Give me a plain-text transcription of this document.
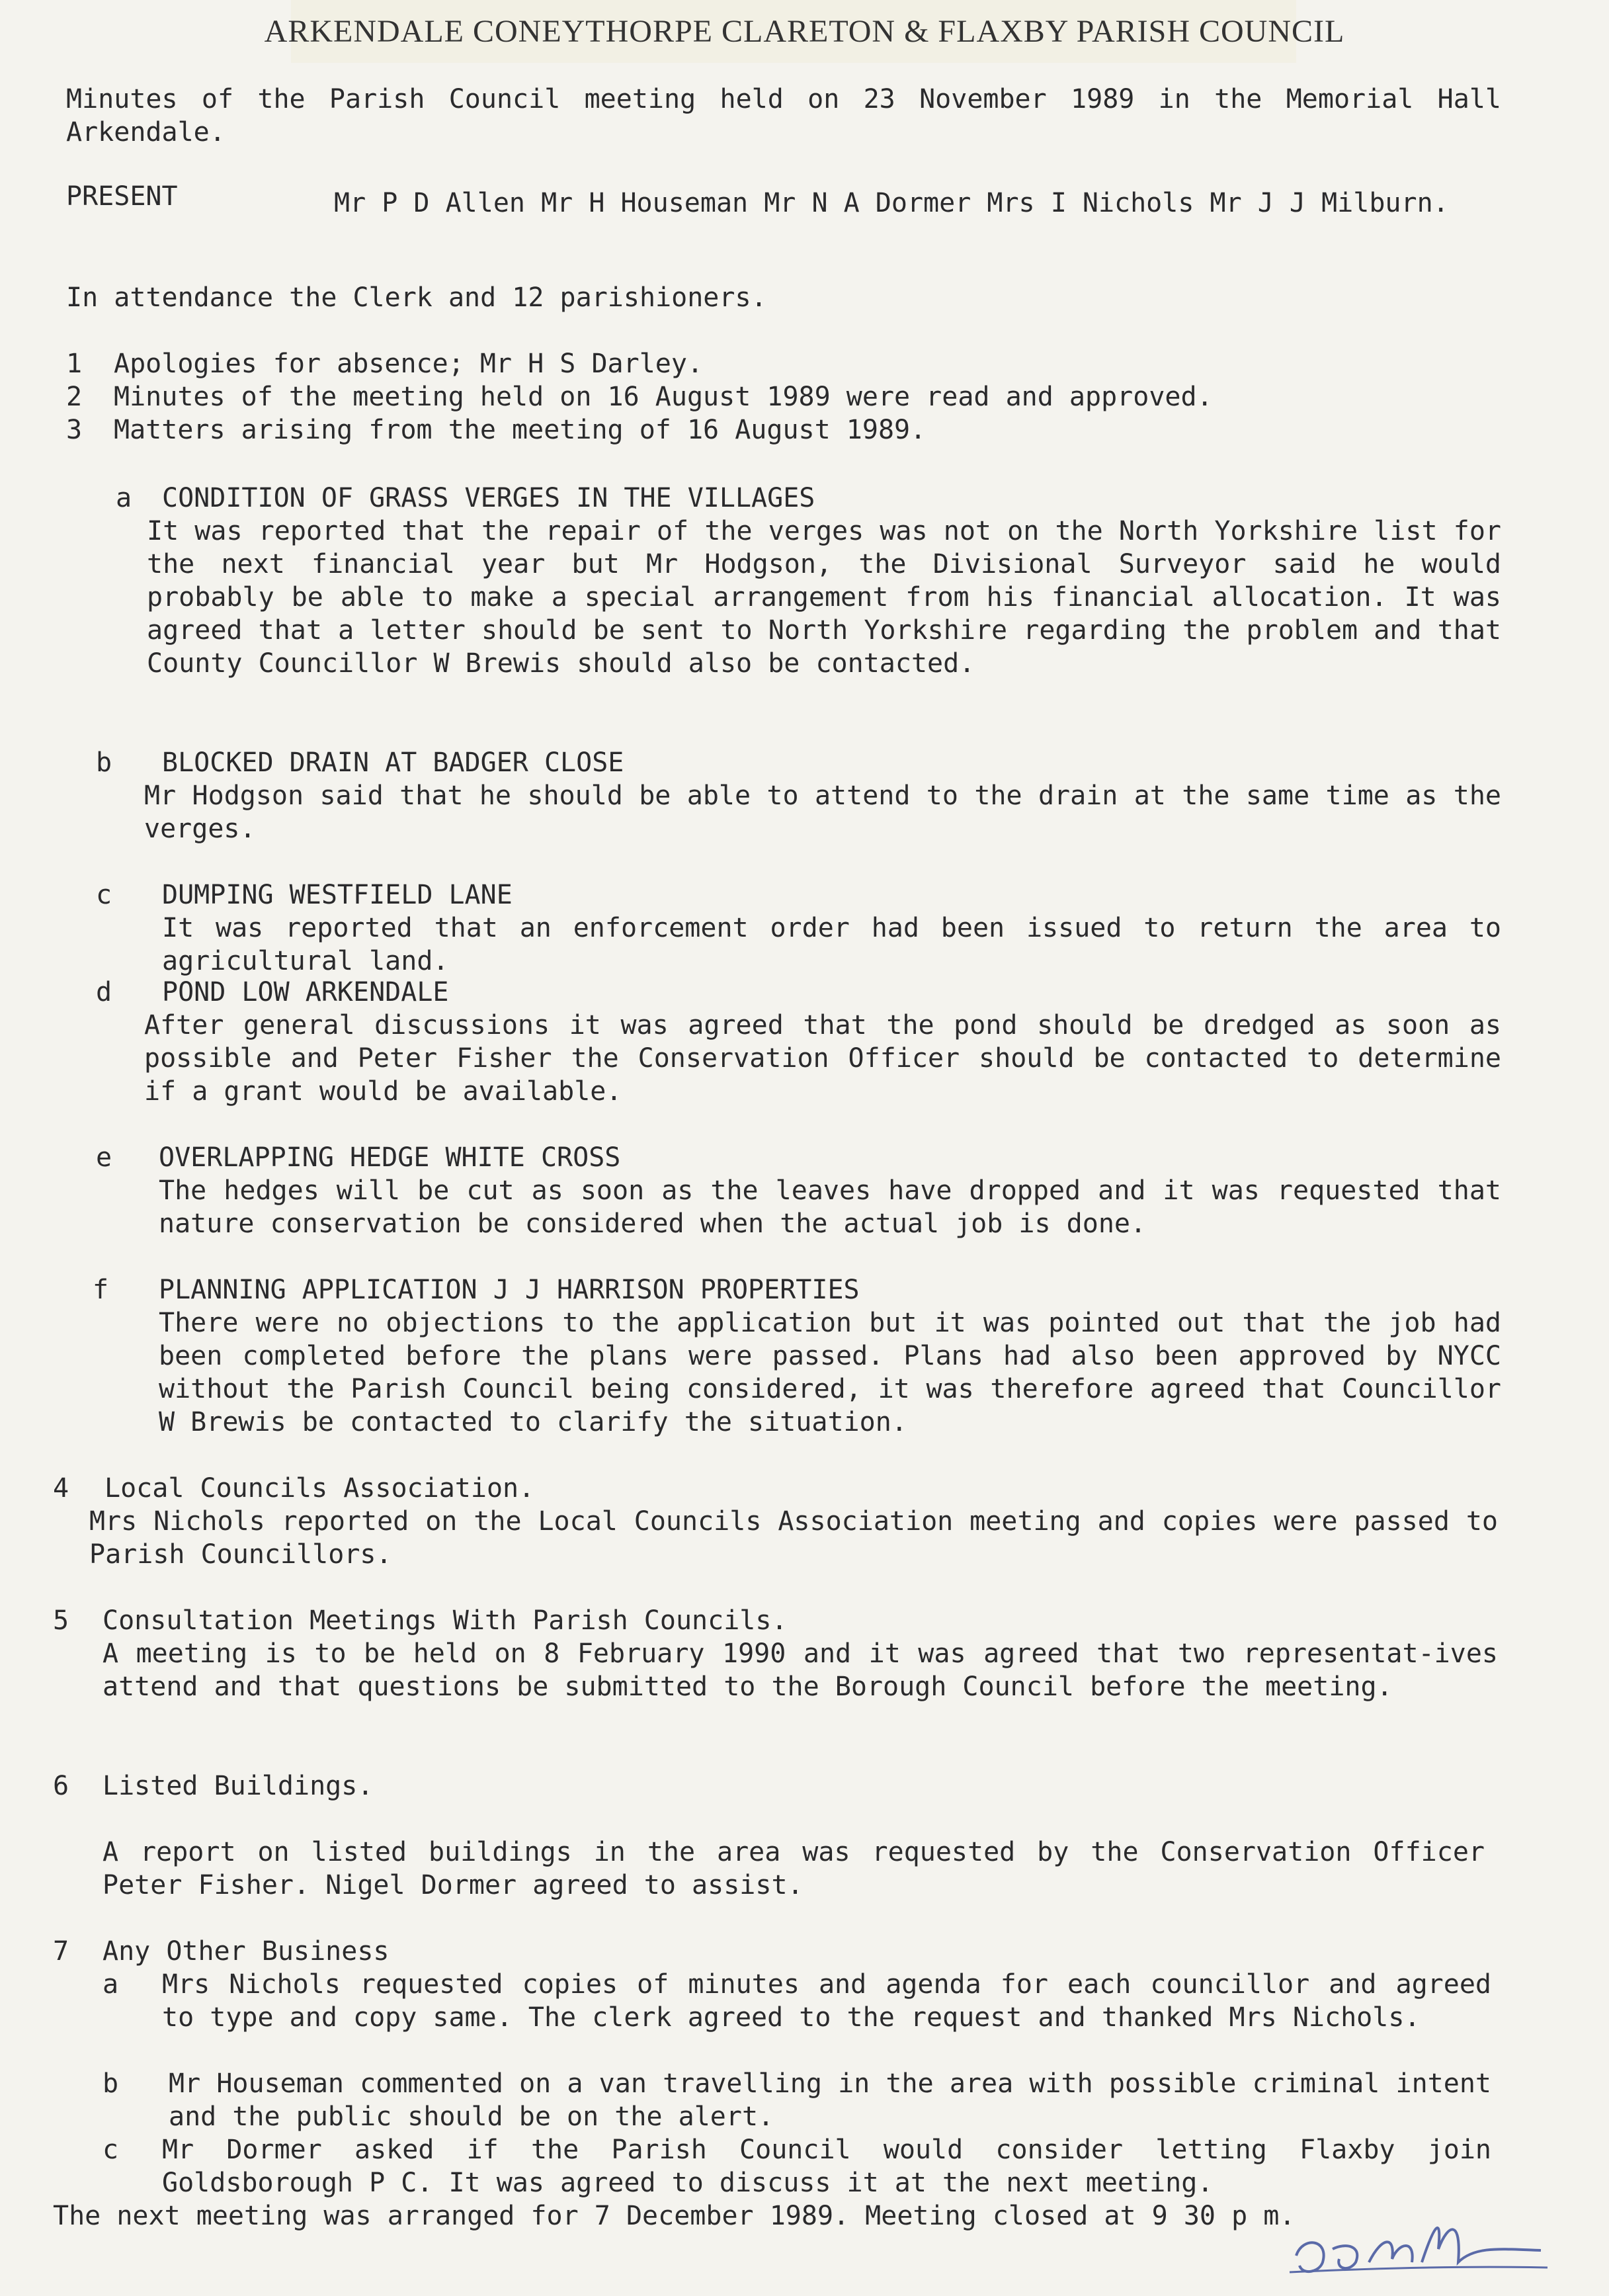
ARKENDALE CONEYTHORPE CLARETON & FLAXBY PARISH COUNCIL
Minutes of the Parish Council meeting held on 23 November 1989 in the Memorial Hall Arkendale.
PRESENT	Mr P D Allen Mr H Houseman Mr N A Dormer Mrs I Nichols Mr J J Milburn.
In attendance the Clerk and 12 parishioners.
1 Apologies for absence; Mr H S Darley.
2 Minutes of the meeting held on 16 August 1989 were read and approved.
3 Matters arising from the meeting of 16 August 1989.
a CONDITION OF GRASS VERGES IN THE VILLAGES
It was reported that the repair of the verges was not on the North Yorkshire list for the next financial year but Mr Hodgson, the Divisional Surveyor said he would probably be able to make a special arrangement from his financial allocation. It was agreed that a letter should be sent to North Yorkshire regarding the problem and that County Councillor W Brewis should also be contacted.
b BLOCKED DRAIN AT BADGER CLOSE
Mr Hodgson said that he should be able to attend to the drain at the same time as the verges.
c DUMPING WESTFIELD LANE
It was reported that an enforcement order had been issued to return the area to agricultural land.
d POND LOW ARKENDALE
After general discussions it was agreed that the pond should be dredged as soon as possible and Peter Fisher the Conservation Officer should be contacted to determine if a grant would be available.
e OVERLAPPING HEDGE WHITE CROSS
The hedges will be cut as soon as the leaves have dropped and it was requested that nature conservation be considered when the actual job is done.
f PLANNING APPLICATION J J HARRISON PROPERTIES
There were no objections to the application but it was pointed out that the job had been completed before the plans were passed. Plans had also been approved by NYCC without the Parish Council being considered, it was therefore agreed that Councillor W Brewis be contacted to clarify the situation.
4 Local Councils Association.
Mrs Nichols reported on the Local Councils Association meeting and copies were passed to Parish Councillors.
5 Consultation Meetings With Parish Councils.
A meeting is to be held on 8 February 1990 and it was agreed that two representat-ives attend and that questions be submitted to the Borough Council before the meeting.
6 Listed Buildings.
A report on listed buildings in the area was requested by the Conservation Officer Peter Fisher. Nigel Dormer agreed to assist.
7 Any Other Business
a Mrs Nichols requested copies of minutes and agenda for each councillor and agreed to type and copy same. The clerk agreed to the request and thanked Mrs Nichols.
b Mr Houseman commented on a van travelling in the area with possible criminal intent and the public should be on the alert.
c Mr Dormer asked if the Parish Council would consider letting Flaxby join Goldsborough P C. It was agreed to discuss it at the next meeting.
The next meeting was arranged for 7 December 1989. Meeting closed at 9 30 p m.
